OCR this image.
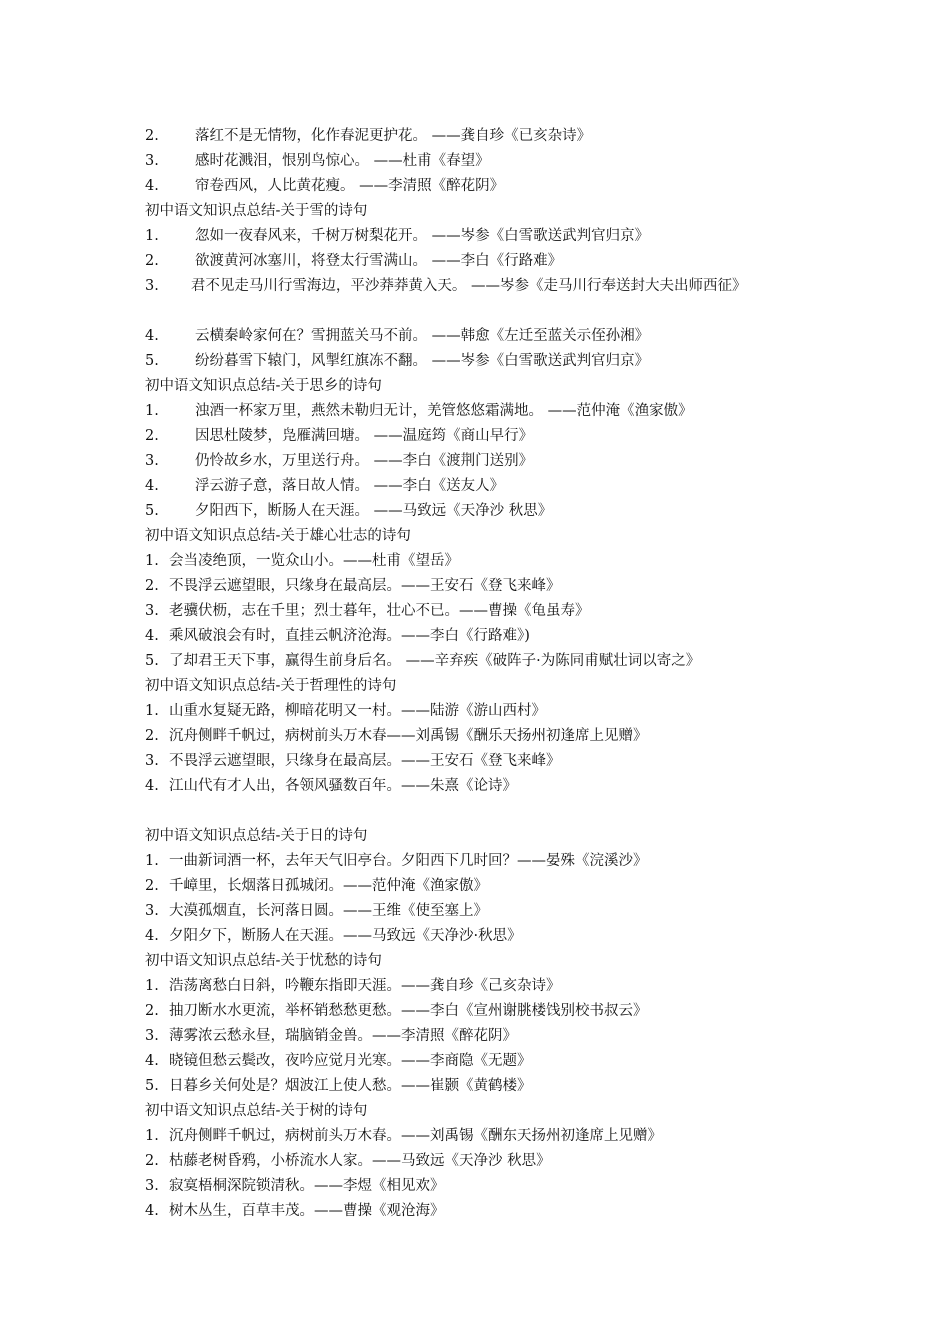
2. 落红不是无情物，化作春泥更护花。 ——龚自珍《已亥杂诗》
3. 感时花溅泪，恨别鸟惊心。 ——杜甫《春望》
4. 帘卷西风，人比黄花瘦。 ——李清照《醉花阴》
初中语文知识点总结-关于雪的诗句
1. 忽如一夜春风来，千树万树梨花开。 ——岑参《白雪歌送武判官归京》
2. 欲渡黄河冰塞川，将登太行雪满山。 ——李白《行路难》
3. 君不见走马川行雪海边，平沙莽莽黄入天。 ——岑参《走马川行奉送封大夫出师西征》
4. 云横秦岭家何在？雪拥蓝关马不前。 ——韩愈《左迁至蓝关示侄孙湘》
5. 纷纷暮雪下辕门，风掣红旗冻不翻。 ——岑参《白雪歌送武判官归京》
初中语文知识点总结-关于思乡的诗句
1. 浊酒一杯家万里，燕然未勒归无计，羌管悠悠霜满地。 ——范仲淹《渔家傲》
2. 因思杜陵梦，凫雁满回塘。 ——温庭筠《商山早行》
3. 仍怜故乡水，万里送行舟。 ——李白《渡荆门送别》
4. 浮云游子意，落日故人情。 ——李白《送友人》
5. 夕阳西下，断肠人在天涯。 ——马致远《天净沙 秋思》
初中语文知识点总结-关于雄心壮志的诗句
1. 会当凌绝顶，一览众山小。——杜甫《望岳》
2. 不畏浮云遮望眼，只缘身在最高层。——王安石《登飞来峰》
3. 老骥伏枥，志在千里；烈士暮年，壮心不已。——曹操《龟虽寿》
4. 乘风破浪会有时，直挂云帆济沧海。——李白《行路难》)
5. 了却君王天下事，赢得生前身后名。 ——辛弃疾《破阵子·为陈同甫赋壮词以寄之》
初中语文知识点总结-关于哲理性的诗句
1. 山重水复疑无路，柳暗花明又一村。——陆游《游山西村》
2. 沉舟侧畔千帆过，病树前头万木春——刘禹锡《酬乐天扬州初逢席上见赠》
3. 不畏浮云遮望眼，只缘身在最高层。——王安石《登飞来峰》
4. 江山代有才人出，各领风骚数百年。——朱熹《论诗》
初中语文知识点总结-关于日的诗句
1. 一曲新词酒一杯，去年天气旧亭台。夕阳西下几时回？——晏殊《浣溪沙》
2. 千嶂里，长烟落日孤城闭。——范仲淹《渔家傲》
3. 大漠孤烟直，长河落日圆。——王维《使至塞上》
4. 夕阳夕下，断肠人在天涯。——马致远《天净沙·秋思》
初中语文知识点总结-关于忧愁的诗句
1. 浩荡离愁白日斜，吟鞭东指即天涯。——龚自珍《己亥杂诗》
2. 抽刀断水水更流，举杯销愁愁更愁。——李白《宣州谢朓楼饯别校书叔云》
3. 薄雾浓云愁永昼，瑞脑销金兽。——李清照《醉花阴》
4. 晓镜但愁云鬓改，夜吟应觉月光寒。——李商隐《无题》
5. 日暮乡关何处是？烟波江上使人愁。——崔颢《黄鹤楼》
初中语文知识点总结-关于树的诗句
1. 沉舟侧畔千帆过，病树前头万木春。——刘禹锡《酬东天扬州初逢席上见赠》
2. 枯藤老树昏鸦，小桥流水人家。——马致远《天净沙 秋思》
3. 寂寞梧桐深院锁清秋。——李煜《相见欢》
4. 树木丛生，百草丰茂。——曹操《观沧海》
